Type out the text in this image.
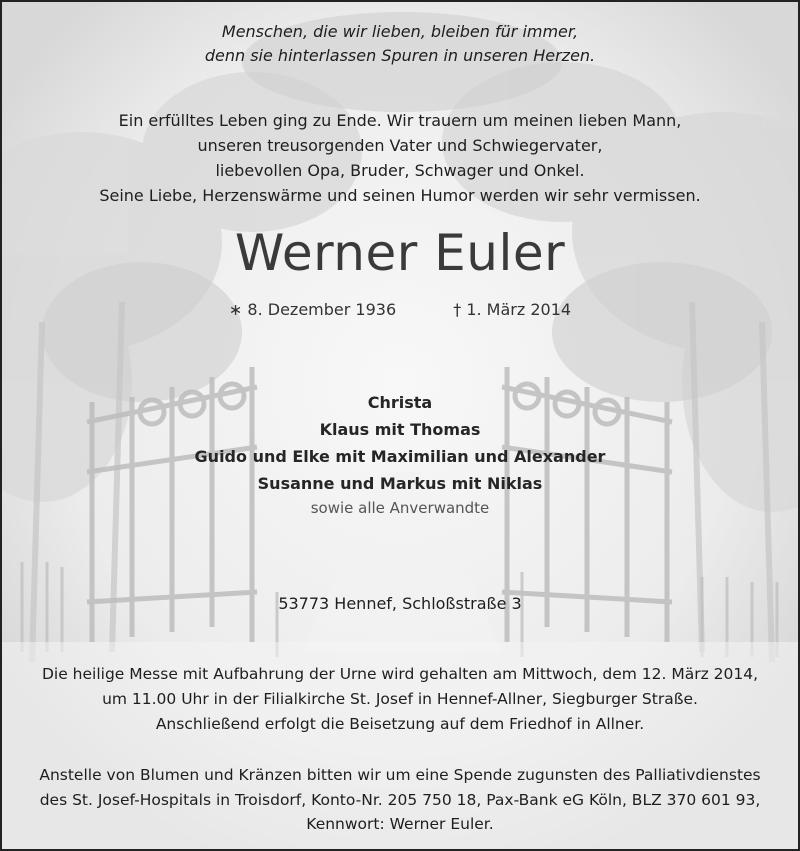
Menschen, die wir lieben, bleiben für immer,
denn sie hinterlassen Spuren in unseren Herzen.
Ein erfülltes Leben ging zu Ende. Wir trauern um meinen lieben Mann,
unseren treusorgenden Vater und Schwiegervater,
liebevollen Opa, Bruder, Schwager und Onkel.
Seine Liebe, Herzenswärme und seinen Humor werden wir sehr vermissen.
Werner Euler
∗ 8. Dezember 1936	† 1. März 2014
Christa
Klaus mit Thomas
Guido und Elke mit Maximilian und Alexander
Susanne und Markus mit Niklas
sowie alle Anverwandte
53773 Hennef, Schloßstraße 3
Die heilige Messe mit Aufbahrung der Urne wird gehalten am Mittwoch, dem 12. März 2014,
um 11.00 Uhr in der Filialkirche St. Josef in Hennef-Allner, Siegburger Straße.
Anschließend erfolgt die Beisetzung auf dem Friedhof in Allner.
Anstelle von Blumen und Kränzen bitten wir um eine Spende zugunsten des Palliativdienstes
des St. Josef-Hospitals in Troisdorf, Konto-Nr. 205 750 18, Pax-Bank eG Köln, BLZ 370 601 93,
Kennwort: Werner Euler.
